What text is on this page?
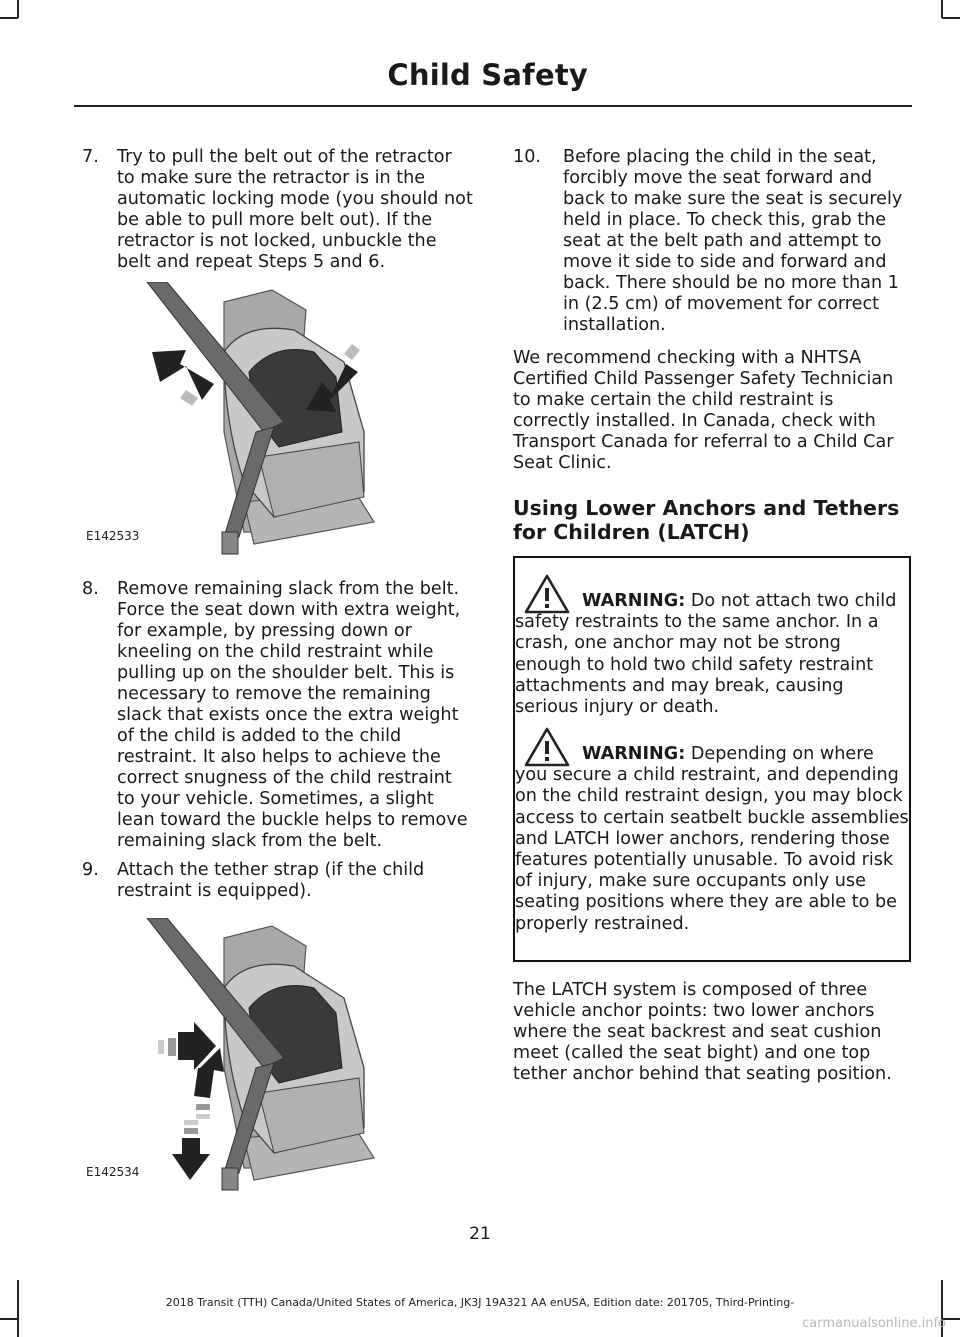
Child Safety

7. Try to pull the belt out of the retractor to make sure the retractor is in the automatic locking mode (you should not be able to pull more belt out). If the retractor is not locked, unbuckle the belt and repeat Steps 5 and 6.

E142533

8. Remove remaining slack from the belt. Force the seat down with extra weight, for example, by pressing down or kneeling on the child restraint while pulling up on the shoulder belt. This is necessary to remove the remaining slack that exists once the extra weight of the child is added to the child restraint. It also helps to achieve the correct snugness of the child restraint to your vehicle. Sometimes, a slight lean toward the buckle helps to remove remaining slack from the belt.

9. Attach the tether strap (if the child restraint is equipped).

E142534

10. Before placing the child in the seat, forcibly move the seat forward and back to make sure the seat is securely held in place. To check this, grab the seat at the belt path and attempt to move it side to side and forward and back. There should be no more than 1 in (2.5 cm) of movement for correct installation.

We recommend checking with a NHTSA Certified Child Passenger Safety Technician to make certain the child restraint is correctly installed. In Canada, check with Transport Canada for referral to a Child Car Seat Clinic.

Using Lower Anchors and Tethers for Children (LATCH)

WARNING: Do not attach two child safety restraints to the same anchor. In a crash, one anchor may not be strong enough to hold two child safety restraint attachments and may break, causing serious injury or death.

WARNING: Depending on where you secure a child restraint, and depending on the child restraint design, you may block access to certain seatbelt buckle assemblies and LATCH lower anchors, rendering those features potentially unusable. To avoid risk of injury, make sure occupants only use seating positions where they are able to be properly restrained.

The LATCH system is composed of three vehicle anchor points: two lower anchors where the seat backrest and seat cushion meet (called the seat bight) and one top tether anchor behind that seating position.

21
2018 Transit (TTH) Canada/United States of America, JK3J 19A321 AA enUSA, Edition date: 201705, Third-Printing-
carmanualsonline.info
